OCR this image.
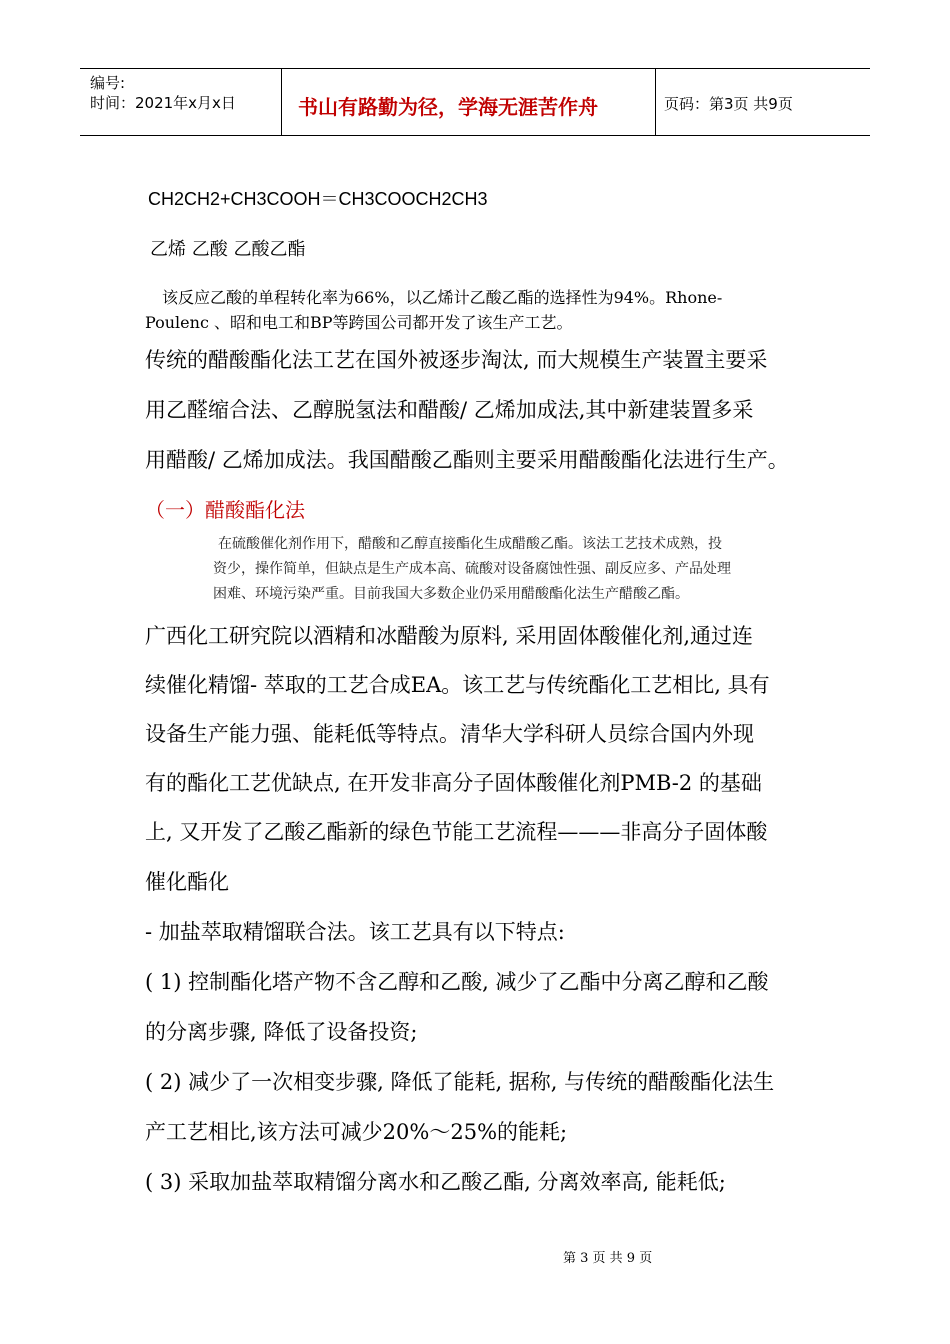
编号:
时间：2021年x月x日	书山有路勤为径，学海无涯苦作舟	页码：第3页 共9页
CH2CH2+CH3COOH＝CH3COOCH2CH3
乙烯 乙酸 乙酸乙酯
该反应乙酸的单程转化率为66%，以乙烯计乙酸乙酯的选择性为94%。Rhone-
Poulenc 、昭和电工和BP等跨国公司都开发了该生产工艺。
传统的醋酸酯化法工艺在国外被逐步淘汰, 而大规模生产装置主要采
用乙醛缩合法、乙醇脱氢法和醋酸/ 乙烯加成法,其中新建装置多采
用醋酸/ 乙烯加成法。我国醋酸乙酯则主要采用醋酸酯化法进行生产。
（一）醋酸酯化法
在硫酸催化剂作用下，醋酸和乙醇直接酯化生成醋酸乙酯。该法工艺技术成熟，投
资少，操作简单，但缺点是生产成本高、硫酸对设备腐蚀性强、副反应多、产品处理
困难、环境污染严重。目前我国大多数企业仍采用醋酸酯化法生产醋酸乙酯。
广西化工研究院以酒精和冰醋酸为原料, 采用固体酸催化剂,通过连
续催化精馏- 萃取的工艺合成EA。该工艺与传统酯化工艺相比, 具有
设备生产能力强、能耗低等特点。清华大学科研人员综合国内外现
有的酯化工艺优缺点, 在开发非高分子固体酸催化剂PMB-2 的基础
上, 又开发了乙酸乙酯新的绿色节能工艺流程———非高分子固体酸
催化酯化
- 加盐萃取精馏联合法。该工艺具有以下特点:
( 1) 控制酯化塔产物不含乙醇和乙酸, 减少了乙酯中分离乙醇和乙酸
的分离步骤, 降低了设备投资;
( 2) 减少了一次相变步骤, 降低了能耗, 据称, 与传统的醋酸酯化法生
产工艺相比,该方法可减少20%～25%的能耗;
( 3) 采取加盐萃取精馏分离水和乙酸乙酯, 分离效率高, 能耗低;
第 3 页 共 9 页
